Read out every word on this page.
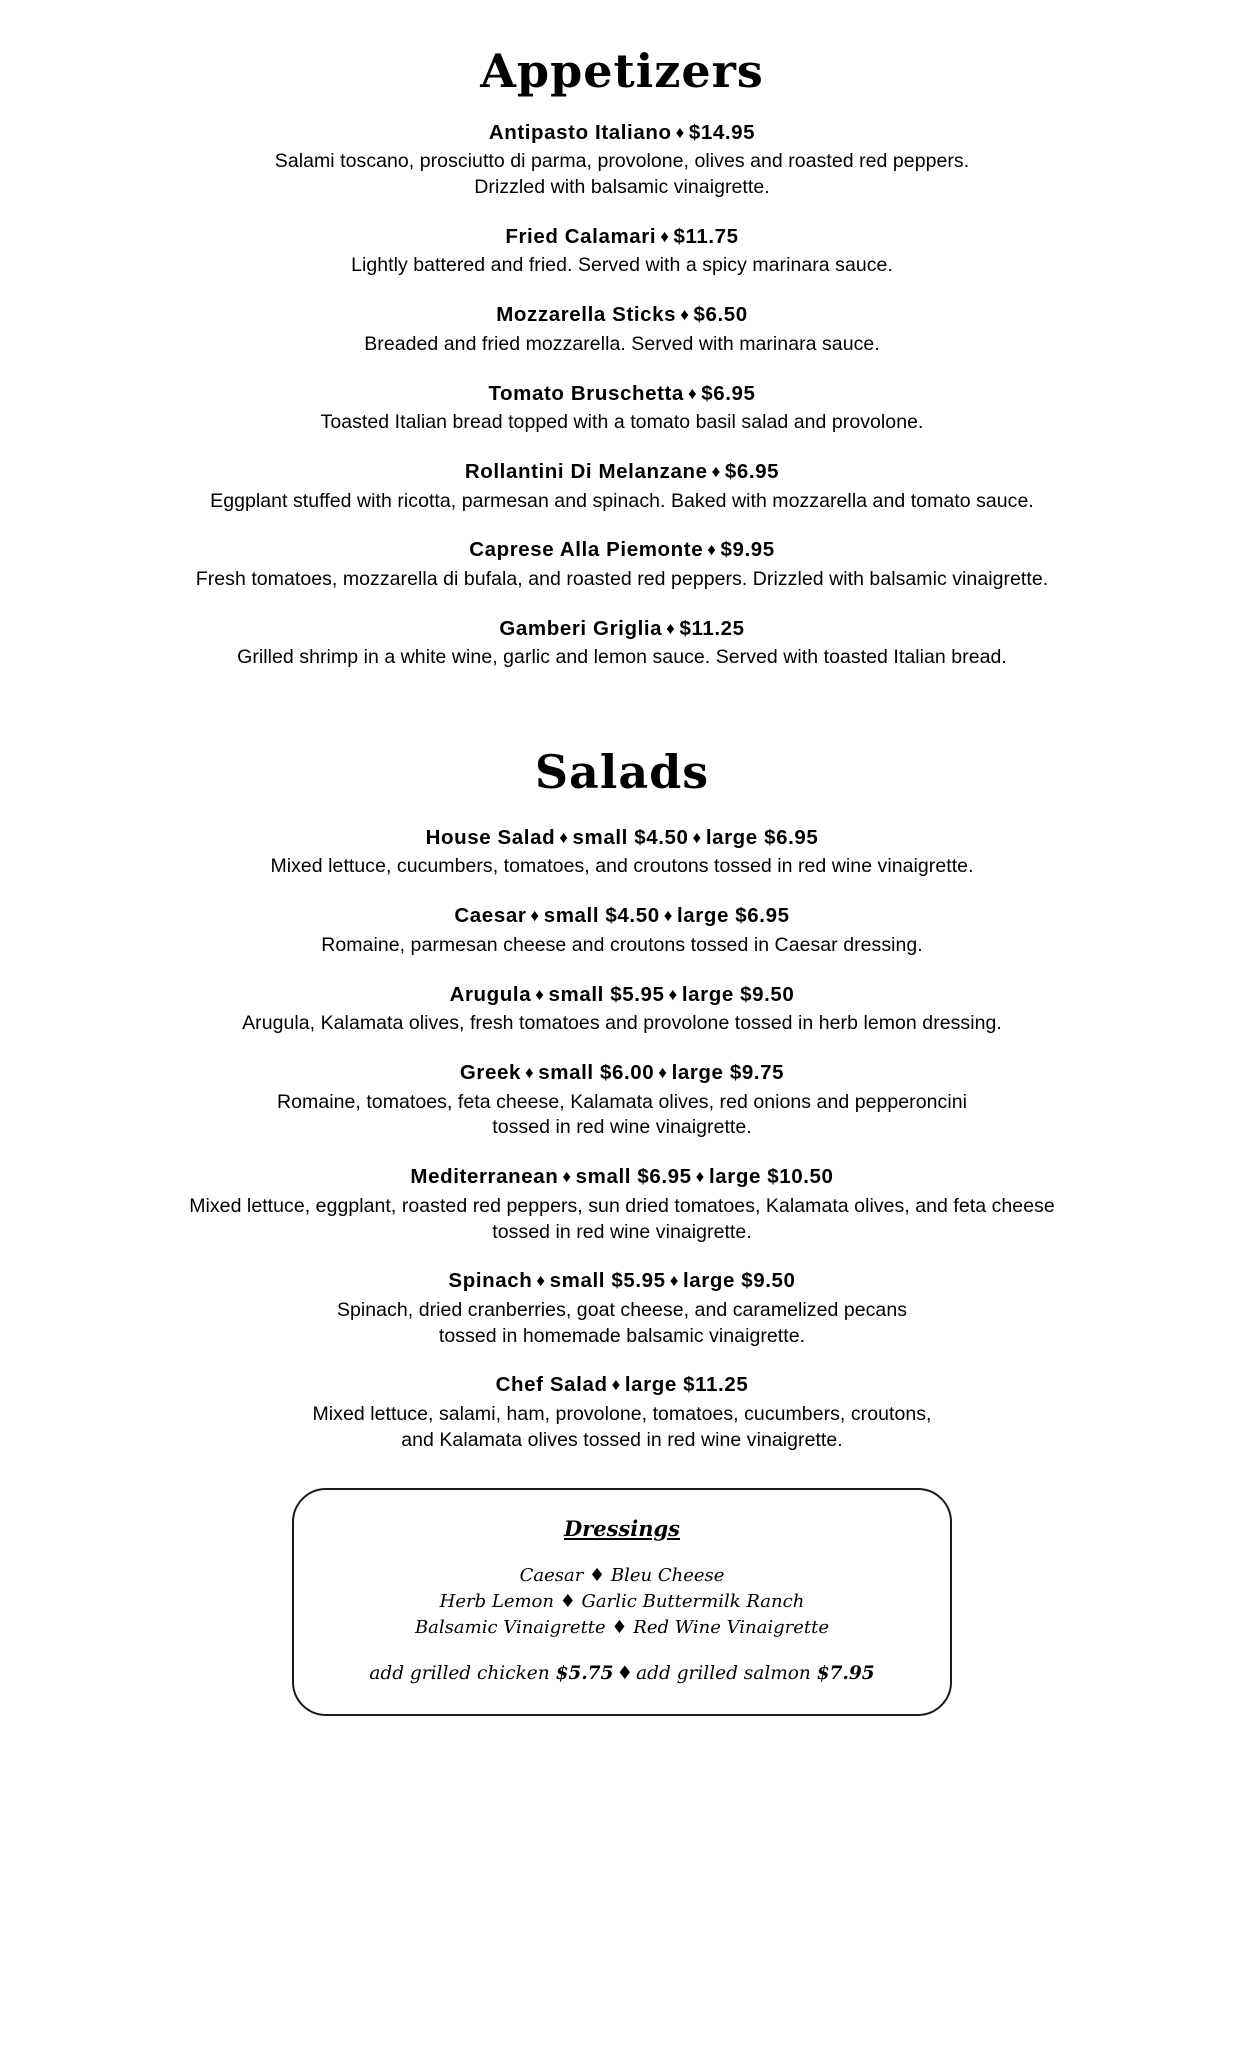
Appetizers
Antipasto Italiano ♦ $14.95
Salami toscano, prosciutto di parma, provolone, olives and roasted red peppers.
Drizzled with balsamic vinaigrette.
Fried Calamari ♦ $11.75
Lightly battered and fried. Served with a spicy marinara sauce.
Mozzarella Sticks ♦ $6.50
Breaded and fried mozzarella. Served with marinara sauce.
Tomato Bruschetta ♦ $6.95
Toasted Italian bread topped with a tomato basil salad and provolone.
Rollantini Di Melanzane ♦ $6.95
Eggplant stuffed with ricotta, parmesan and spinach. Baked with mozzarella and tomato sauce.
Caprese Alla Piemonte ♦ $9.95
Fresh tomatoes, mozzarella di bufala, and roasted red peppers. Drizzled with balsamic vinaigrette.
Gamberi Griglia ♦ $11.25
Grilled shrimp in a white wine, garlic and lemon sauce. Served with toasted Italian bread.
Salads
House Salad ♦ small $4.50 ♦ large $6.95
Mixed lettuce, cucumbers, tomatoes, and croutons tossed in red wine vinaigrette.
Caesar ♦ small $4.50 ♦ large $6.95
Romaine, parmesan cheese and croutons tossed in Caesar dressing.
Arugula ♦ small $5.95 ♦ large $9.50
Arugula, Kalamata olives, fresh tomatoes and provolone tossed in herb lemon dressing.
Greek ♦ small $6.00 ♦ large $9.75
Romaine, tomatoes, feta cheese, Kalamata olives, red onions and pepperoncini
tossed in red wine vinaigrette.
Mediterranean ♦ small $6.95 ♦ large $10.50
Mixed lettuce, eggplant, roasted red peppers, sun dried tomatoes, Kalamata olives, and feta cheese
tossed in red wine vinaigrette.
Spinach ♦ small $5.95 ♦ large $9.50
Spinach, dried cranberries, goat cheese, and caramelized pecans
tossed in homemade balsamic vinaigrette.
Chef Salad ♦ large $11.25
Mixed lettuce, salami, ham, provolone, tomatoes, cucumbers, croutons,
and Kalamata olives tossed in red wine vinaigrette.
Dressings
Caesar ♦ Bleu Cheese
Herb Lemon ♦ Garlic Buttermilk Ranch
Balsamic Vinaigrette ♦ Red Wine Vinaigrette
add grilled chicken $5.75 ♦ add grilled salmon $7.95
